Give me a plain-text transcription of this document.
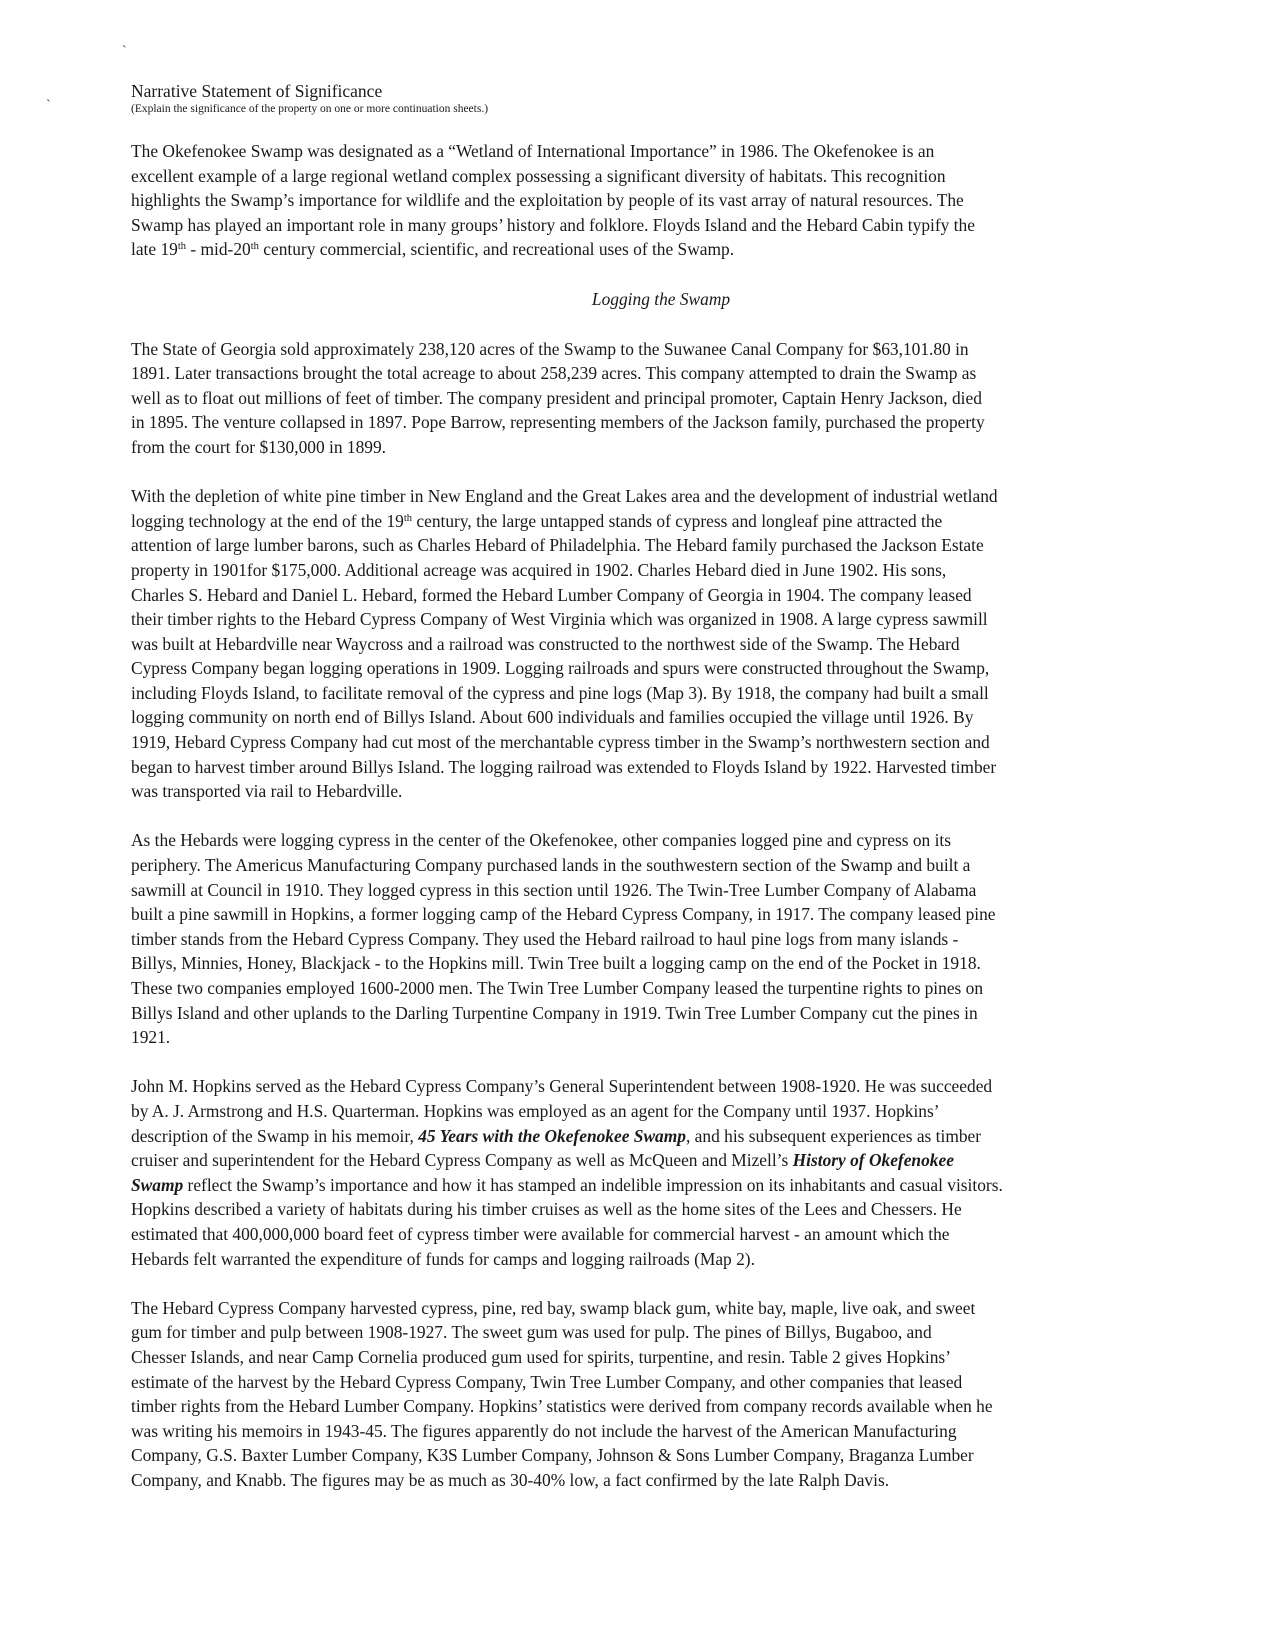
`
`

Narrative Statement of Significance

(Explain the significance of the property on one or more continuation sheets.)

The Okefenokee Swamp was designated as a “Wetland of International Importance” in 1986. The Okefenokee is an
excellent example of a large regional wetland complex possessing a significant diversity of habitats. This recognition
highlights the Swamp’s importance for wildlife and the exploitation by people of its vast array of natural resources. The
Swamp has played an important role in many groups’ history and folklore. Floyds Island and the Hebard Cabin typify the
late 19th - mid-20th century commercial, scientific, and recreational uses of the Swamp.

Logging the Swamp

The State of Georgia sold approximately 238,120 acres of the Swamp to the Suwanee Canal Company for $63,101.80 in
1891. Later transactions brought the total acreage to about 258,239 acres. This company attempted to drain the Swamp as
well as to float out millions of feet of timber. The company president and principal promoter, Captain Henry Jackson, died
in 1895. The venture collapsed in 1897. Pope Barrow, representing members of the Jackson family, purchased the property
from the court for $130,000 in 1899.
With the depletion of white pine timber in New England and the Great Lakes area and the development of industrial wetland
logging technology at the end of the 19th century, the large untapped stands of cypress and longleaf pine attracted the
attention of large lumber barons, such as Charles Hebard of Philadelphia. The Hebard family purchased the Jackson Estate
property in 1901for $175,000. Additional acreage was acquired in 1902. Charles Hebard died in June 1902. His sons,
Charles S. Hebard and Daniel L. Hebard, formed the Hebard Lumber Company of Georgia in 1904. The company leased
their timber rights to the Hebard Cypress Company of West Virginia which was organized in 1908. A large cypress sawmill
was built at Hebardville near Waycross and a railroad was constructed to the northwest side of the Swamp. The Hebard
Cypress Company began logging operations in 1909. Logging railroads and spurs were constructed throughout the Swamp,
including Floyds Island, to facilitate removal of the cypress and pine logs (Map 3). By 1918, the company had built a small
logging community on north end of Billys Island. About 600 individuals and families occupied the village until 1926. By
1919, Hebard Cypress Company had cut most of the merchantable cypress timber in the Swamp’s northwestern section and
began to harvest timber around Billys Island. The logging railroad was extended to Floyds Island by 1922. Harvested timber
was transported via rail to Hebardville.
As the Hebards were logging cypress in the center of the Okefenokee, other companies logged pine and cypress on its
periphery. The Americus Manufacturing Company purchased lands in the southwestern section of the Swamp and built a
sawmill at Council in 1910. They logged cypress in this section until 1926. The Twin-Tree Lumber Company of Alabama
built a pine sawmill in Hopkins, a former logging camp of the Hebard Cypress Company, in 1917. The company leased pine
timber stands from the Hebard Cypress Company. They used the Hebard railroad to haul pine logs from many islands -
Billys, Minnies, Honey, Blackjack - to the Hopkins mill. Twin Tree built a logging camp on the end of the Pocket in 1918.
These two companies employed 1600-2000 men. The Twin Tree Lumber Company leased the turpentine rights to pines on
Billys Island and other uplands to the Darling Turpentine Company in 1919. Twin Tree Lumber Company cut the pines in
1921.
John M. Hopkins served as the Hebard Cypress Company’s General Superintendent between 1908-1920. He was succeeded
by A. J. Armstrong and H.S. Quarterman. Hopkins was employed as an agent for the Company until 1937. Hopkins’
description of the Swamp in his memoir, 45 Years with the Okefenokee Swamp, and his subsequent experiences as timber
cruiser and superintendent for the Hebard Cypress Company as well as McQueen and Mizell’s History of Okefenokee
Swamp reflect the Swamp’s importance and how it has stamped an indelible impression on its inhabitants and casual visitors.
Hopkins described a variety of habitats during his timber cruises as well as the home sites of the Lees and Chessers. He
estimated that 400,000,000 board feet of cypress timber were available for commercial harvest - an amount which the
Hebards felt warranted the expenditure of funds for camps and logging railroads (Map 2).
The Hebard Cypress Company harvested cypress, pine, red bay, swamp black gum, white bay, maple, live oak, and sweet
gum for timber and pulp between 1908-1927. The sweet gum was used for pulp. The pines of Billys, Bugaboo, and
Chesser Islands, and near Camp Cornelia produced gum used for spirits, turpentine, and resin. Table 2 gives Hopkins’
estimate of the harvest by the Hebard Cypress Company, Twin Tree Lumber Company, and other companies that leased
timber rights from the Hebard Lumber Company. Hopkins’ statistics were derived from company records available when he
was writing his memoirs in 1943-45. The figures apparently do not include the harvest of the American Manufacturing
Company, G.S. Baxter Lumber Company, K3S Lumber Company, Johnson & Sons Lumber Company, Braganza Lumber
Company, and Knabb. The figures may be as much as 30-40% low, a fact confirmed by the late Ralph Davis.
